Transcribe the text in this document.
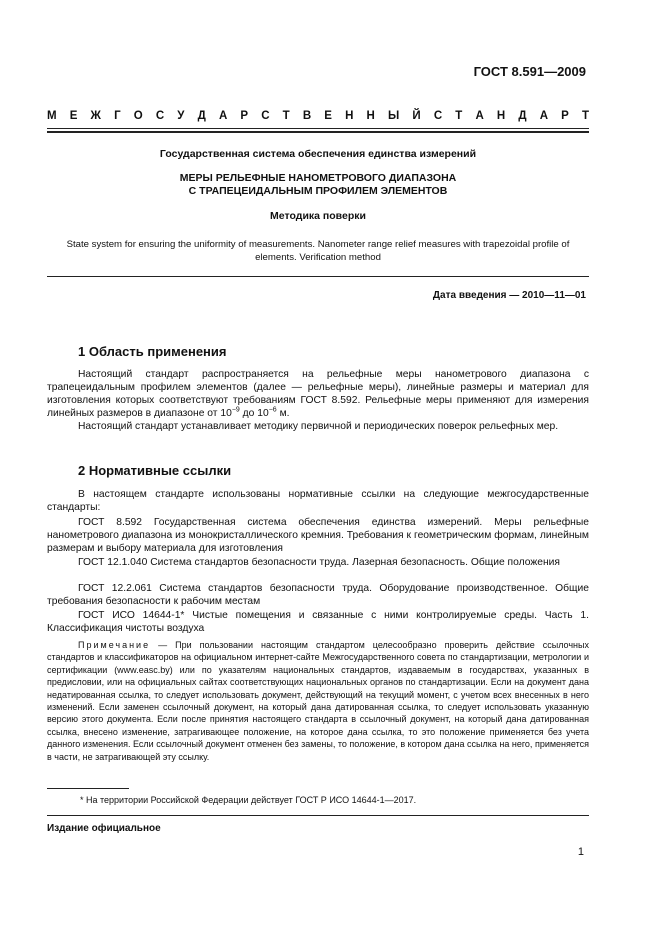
ГОСТ 8.591—2009
М Е Ж Г О С У Д А Р С Т В Е Н Н Ы Й С Т А Н Д А Р Т
Государственная система обеспечения единства измерений
МЕРЫ РЕЛЬЕФНЫЕ НАНОМЕТРОВОГО ДИАПАЗОНА
С ТРАПЕЦЕИДАЛЬНЫМ ПРОФИЛЕМ ЭЛЕМЕНТОВ
Методика поверки
State system for ensuring the uniformity of measurements. Nanometer range relief measures with trapezoidal profile of elements. Verification method
Дата введения — 2010—11—01
1 Область применения
Настоящий стандарт распространяется на рельефные меры нанометрового диапазона с трапецеидальным профилем элементов (далее — рельефные меры), линейные размеры и материал для изготовления которых соответствуют требованиям ГОСТ 8.592. Рельефные меры применяют для измерения линейных размеров в диапазоне от $10^{-9}$ до $10^{-6}$ м.
Настоящий стандарт устанавливает методику первичной и периодических поверок рельефных мер.
2 Нормативные ссылки
В настоящем стандарте использованы нормативные ссылки на следующие межгосударственные стандарты:
ГОСТ 8.592 Государственная система обеспечения единства измерений. Меры рельефные нанометрового диапазона из монокристаллического кремния. Требования к геометрическим формам, линейным размерам и выбору материала для изготовления
ГОСТ 12.1.040 Система стандартов безопасности труда. Лазерная безопасность. Общие положения
ГОСТ 12.2.061 Система стандартов безопасности труда. Оборудование производственное. Общие требования безопасности к рабочим местам
ГОСТ ИСО 14644-1* Чистые помещения и связанные с ними контролируемые среды. Часть 1. Классификация чистоты воздуха
Примечание — При пользовании настоящим стандартом целесообразно проверить действие ссылочных стандартов и классификаторов на официальном интернет-сайте Межгосударственного совета по стандартизации, метрологии и сертификации (www.easc.by) или по указателям национальных стандартов, издаваемым в государствах, указанных в предисловии, или на официальных сайтах соответствующих национальных органов по стандартизации. Если на документ дана недатированная ссылка, то следует использовать документ, действующий на текущий момент, с учетом всех внесенных в него изменений. Если заменен ссылочный документ, на который дана датированная ссылка, то следует использовать указанную версию этого документа. Если после принятия настоящего стандарта в ссылочный документ, на который дана датированная ссылка, внесено изменение, затрагивающее положение, на которое дана ссылка, то это положение применяется без учета данного изменения. Если ссылочный документ отменен без замены, то положение, в котором дана ссылка на него, применяется в части, не затрагивающей эту ссылку.
* На территории Российской Федерации действует ГОСТ Р ИСО 14644-1—2017.
Издание официальное
1
